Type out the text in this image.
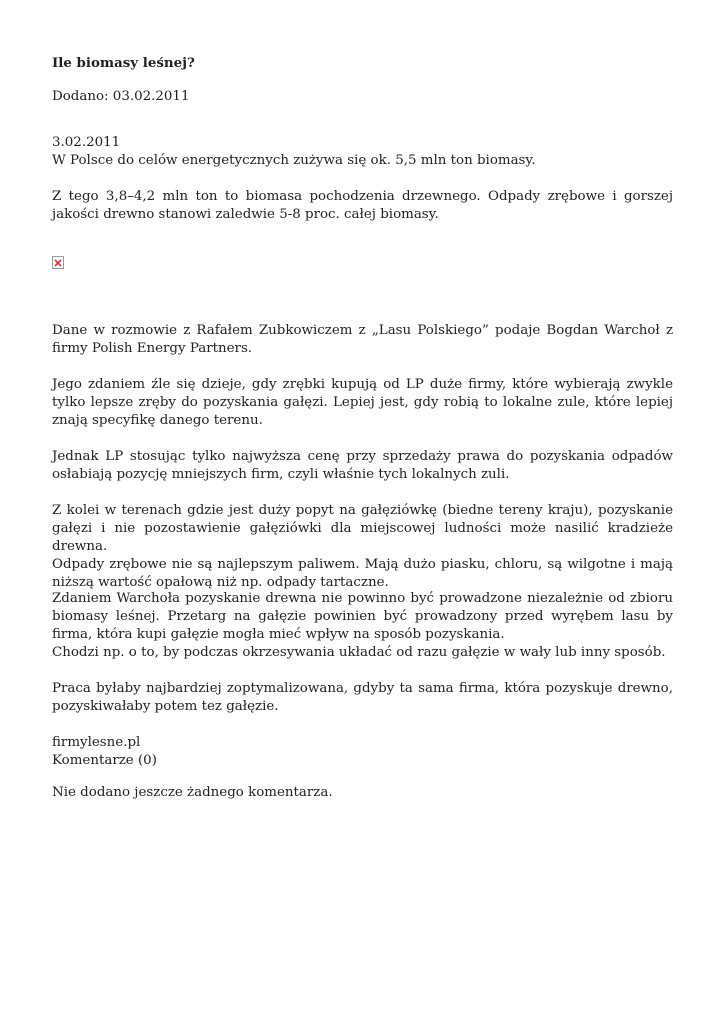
Ile biomasy leśnej?

Dodano: 03.02.2011

3.02.2011

W Polsce do celów energetycznych zużywa się ok. 5,5 mln ton biomasy.

Z tego 3,8–4,2 mln ton to biomasa pochodzenia drzewnego. Odpady zrębowe i gorszej jakości drewno stanowi zaledwie 5-8 proc. całej biomasy.

Dane w rozmowie z Rafałem Zubkowiczem z „Lasu Polskiego” podaje Bogdan Warchoł z firmy Polish Energy Partners.

Jego zdaniem źle się dzieje, gdy zrębki kupują od LP duże firmy, które wybierają zwykle tylko lepsze zręby do pozyskania gałęzi. Lepiej jest, gdy robią to lokalne zule, które lepiej znają specyfikę danego terenu.

Jednak LP stosując tylko najwyższa cenę przy sprzedaży prawa do pozyskania odpadów osłabiają pozycję mniejszych firm, czyli właśnie tych lokalnych zuli.

Z kolei w terenach gdzie jest duży popyt na gałęziówkę (biedne tereny kraju), pozyskanie gałęzi i nie pozostawienie gałęziówki dla miejscowej ludności może nasilić kradzieże drewna.

Odpady zrębowe nie są najlepszym paliwem. Mają dużo piasku, chloru, są wilgotne i mają niższą wartość opałową niż np. odpady tartaczne.

Zdaniem Warchoła pozyskanie drewna nie powinno być prowadzone niezależnie od zbioru biomasy leśnej. Przetarg na gałęzie powinien być prowadzony przed wyrębem lasu by firma, która kupi gałęzie mogła mieć wpływ na sposób pozyskania.

Chodzi np. o to, by podczas okrzesywania układać od razu gałęzie w wały lub inny sposób.

Praca byłaby najbardziej zoptymalizowana, gdyby ta sama firma, która pozyskuje drewno, pozyskiwałaby potem tez gałęzie.

firmylesne.pl

Komentarze (0)

Nie dodano jeszcze żadnego komentarza.
